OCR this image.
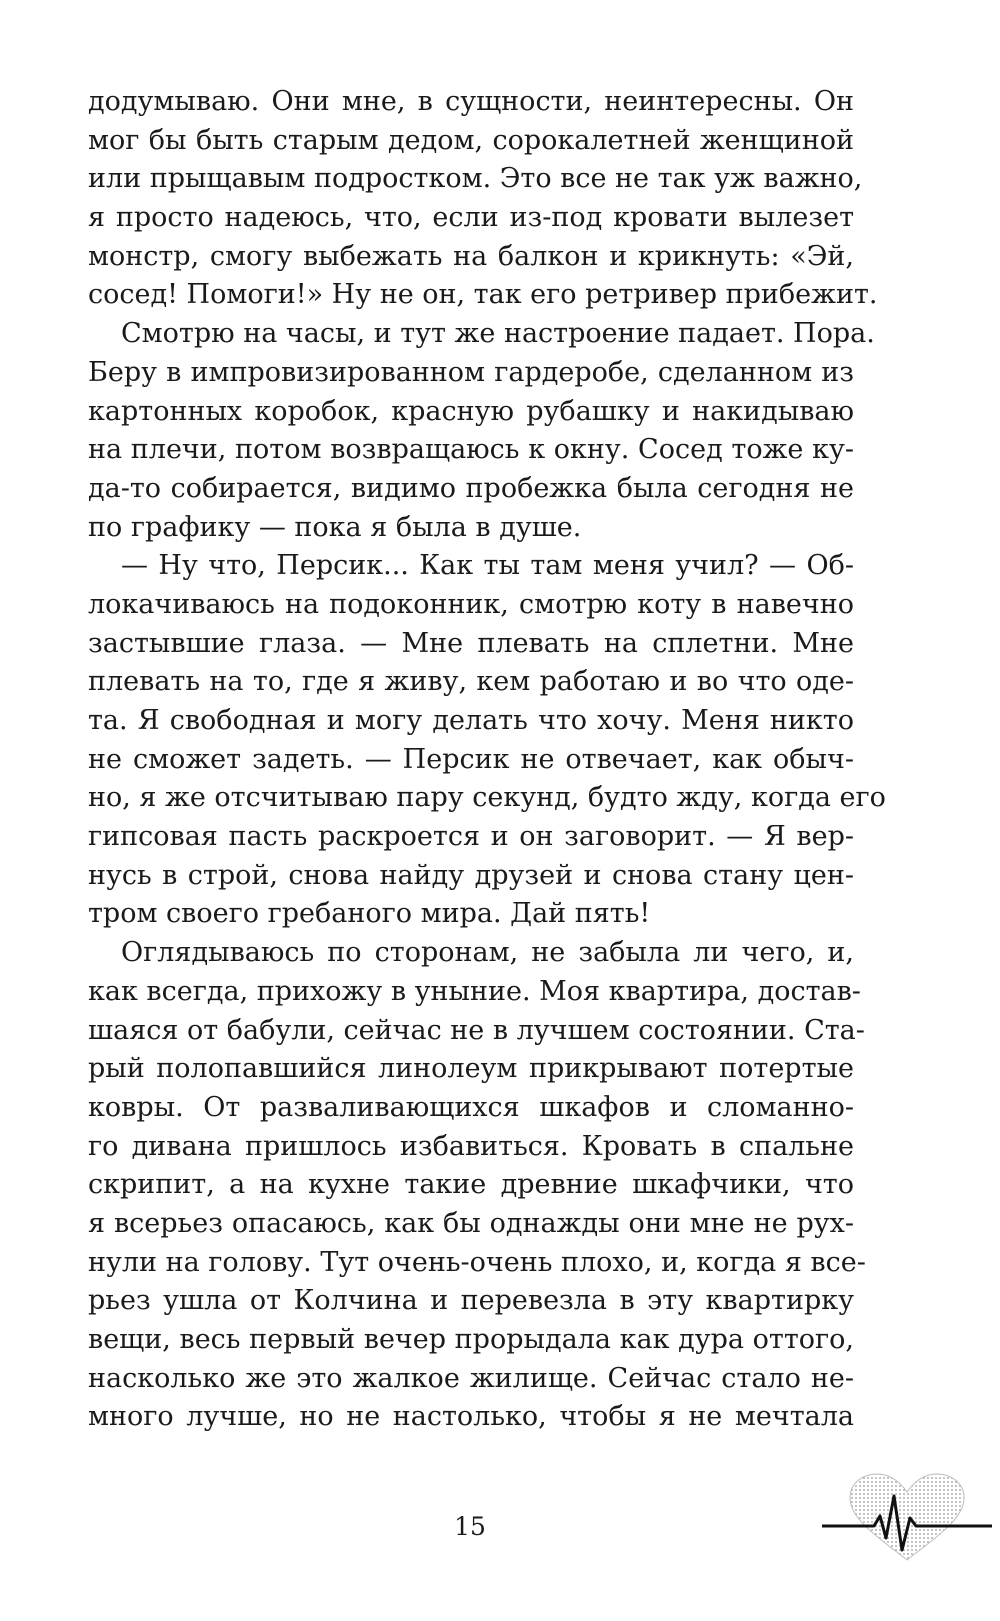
додумываю. Они мне, в сущности, неинтересны. Он
мог бы быть старым дедом, сорокалетней женщиной
или прыщавым подростком. Это все не так уж важно,
я просто надеюсь, что, если из-под кровати вылезет
монстр, смогу выбежать на балкон и крикнуть: «Эй,
сосед! Помоги!» Ну не он, так его ретривер прибежит.

Смотрю на часы, и тут же настроение падает. Пора.
Беру в импровизированном гардеробе, сделанном из
картонных коробок, красную рубашку и накидываю
на плечи, потом возвращаюсь к окну. Сосед тоже ку-
да-то собирается, видимо пробежка была сегодня не
по графику — пока я была в душе.

— Ну что, Персик... Как ты там меня учил? — Об-
локачиваюсь на подоконник, смотрю коту в навечно
застывшие глаза. — Мне плевать на сплетни. Мне
плевать на то, где я живу, кем работаю и во что оде-
та. Я свободная и могу делать что хочу. Меня никто
не сможет задеть. — Персик не отвечает, как обыч-
но, я же отсчитываю пару секунд, будто жду, когда его
гипсовая пасть раскроется и он заговорит. — Я вер-
нусь в строй, снова найду друзей и снова стану цен-
тром своего гребаного мира. Дай пять!

Оглядываюсь по сторонам, не забыла ли чего, и,
как всегда, прихожу в уныние. Моя квартира, достав-
шаяся от бабули, сейчас не в лучшем состоянии. Ста-
рый полопавшийся линолеум прикрывают потертые
ковры. От разваливающихся шкафов и сломанно-
го дивана пришлось избавиться. Кровать в спальне
скрипит, а на кухне такие древние шкафчики, что
я всерьез опасаюсь, как бы однажды они мне не рух-
нули на голову. Тут очень-очень плохо, и, когда я все-
рьез ушла от Колчина и перевезла в эту квартирку
вещи, весь первый вечер прорыдала как дура оттого,
насколько же это жалкое жилище. Сейчас стало не-
много лучше, но не настолько, чтобы я не мечтала

15
